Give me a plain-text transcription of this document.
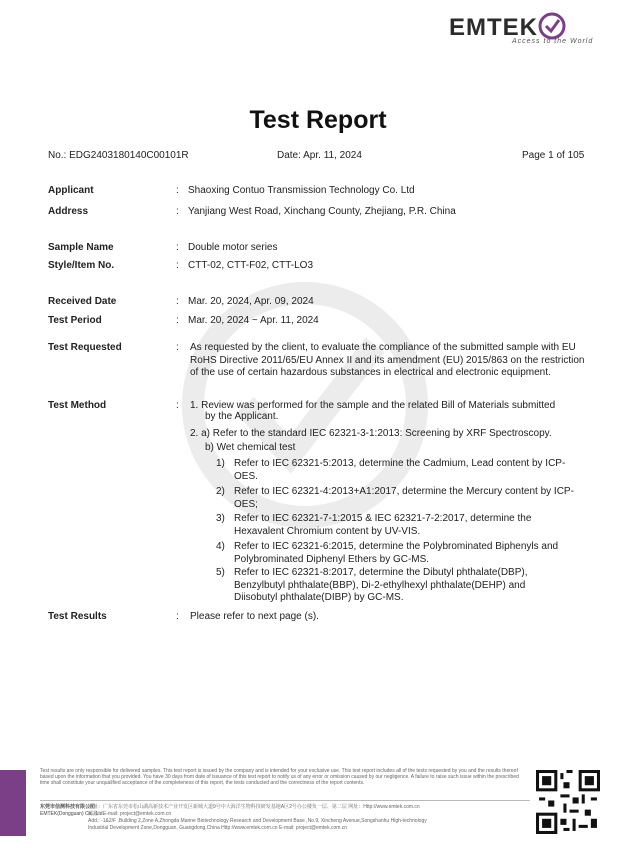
EMTEK
Access to the World
Test Report
No.: EDG2403180140C00101R	Date: Apr. 11, 2024	Page 1 of 105
Applicant	: Shaoxing Contuo Transmission Technology Co. Ltd
Address	: Yanjiang West Road, Xinchang County, Zhejiang, P.R. China
Sample Name	: Double motor series
Style/Item No.	: CTT-02, CTT-F02, CTT-LO3
Received Date	: Mar. 20, 2024, Apr. 09, 2024
Test Period	: Mar. 20, 2024 ~ Apr. 11, 2024
Test Requested	: As requested by the client, to evaluate the compliance of the submitted sample with EU RoHS Directive 2011/65/EU Annex II and its amendment (EU) 2015/863 on the restriction of the use of certain hazardous substances in electrical and electronic equipment.
Test Method	: 1. Review was performed for the sample and the related Bill of Materials submitted
by the Applicant.
2. a) Refer to the standard IEC 62321-3-1:2013: Screening by XRF Spectroscopy.
b) Wet chemical test
1) Refer to IEC 62321-5:2013, determine the Cadmium, Lead content by ICP-OES.
2) Refer to IEC 62321-4:2013+A1:2017, determine the Mercury content by ICP-OES;
3) Refer to IEC 62321-7-1:2015 & IEC 62321-7-2:2017, determine the Hexavalent Chromium content by UV-VIS.
4) Refer to IEC 62321-6:2015, determine the Polybrominated Biphenyls and Polybrominated Diphenyl Ethers by GC-MS.
5) Refer to IEC 62321-8:2017, determine the Dibutyl phthalate(DBP), Benzylbutyl phthalate(BBP), Di-2-ethylhexyl phthalate(DEHP) and Diisobutyl phthalate(DIBP) by GC-MS.
Test Results	: Please refer to next page (s).
Test results are only responsible for delivered samples. This test report is issued by the company and is intended for your exclusive use. This test report includes all of the tests requested by you and the results thereof based upon the information that you provided. You have 30 days from date of issuance of this test report to notify us of any error or omission caused by our negligence. A failure to raise such issue within the prescribed time shall constitute your unqualified acceptance of the completeness of this report, the tests conducted and the correctness of the report contents.
东莞市信测科技有限公司
EMTEK(Dongguan) Co., Ltd.
地址：广东省东莞市松山湖高新技术产业开发区新城大道9号中大海洋生物科技研发基地A区2号办公楼负一层、第二层 网址：Http://www.emtek.com.cn
邮箱：E-mail: project@emtek.com.cn
Add.: -1&2/F ,Building 2,Zone A,Zhongda Marine Biotechnology Research and Development Base ,No.9, Xincheng Avenue,Songshanhu High-technology
Industrial Development Zone,Dongguan, Guangdong,China Http://www.emtek.com.cn E-mail: project@emtek.com.cn
